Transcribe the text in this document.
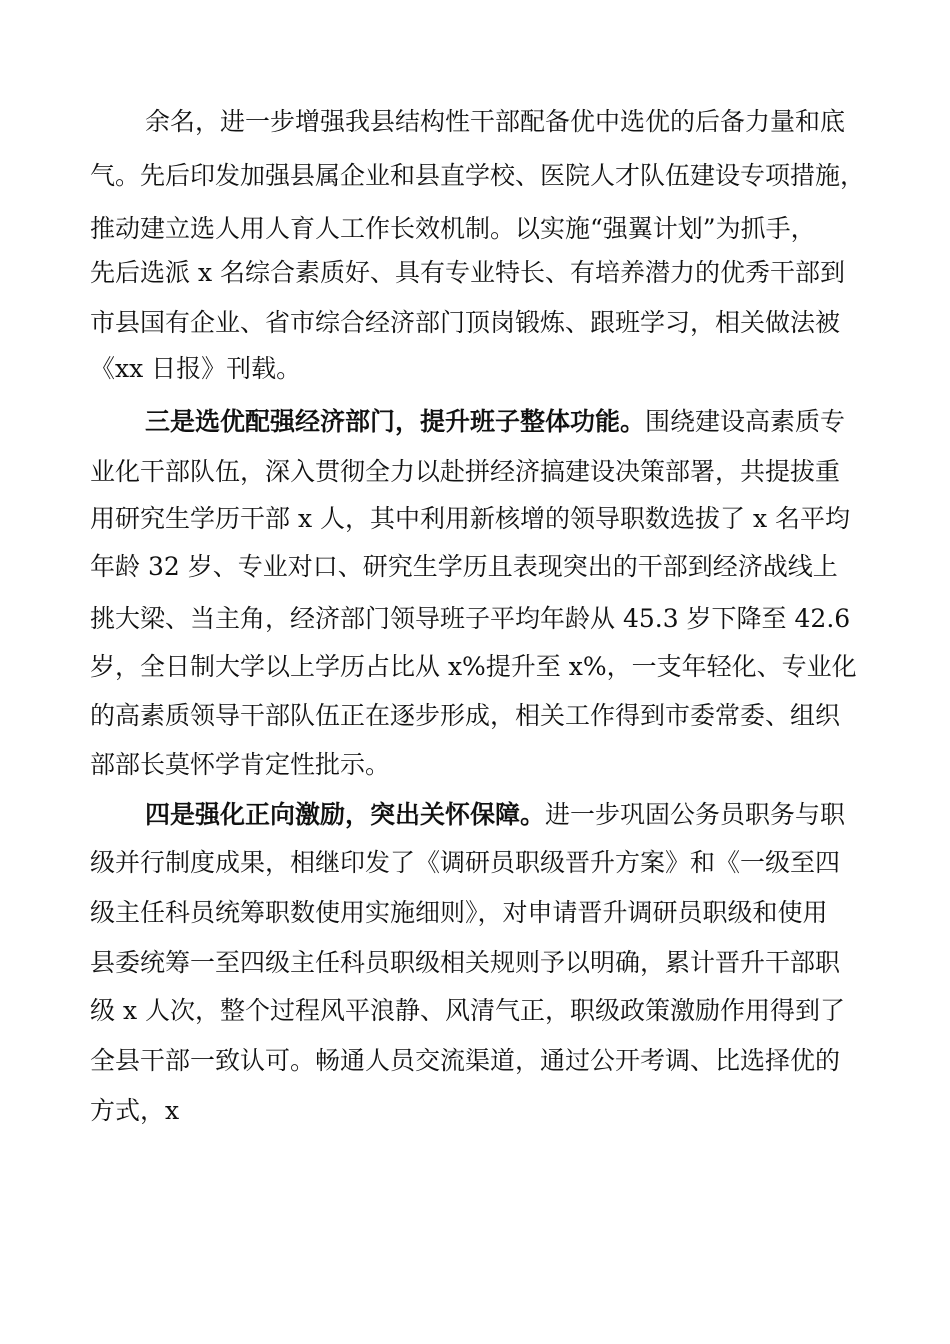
余名，进一步增强我县结构性干部配备优中选优的后备力量和底
气。先后印发加强县属企业和县直学校、医院人才队伍建设专项措施，
推动建立选人用人育人工作长效机制。以实施“强翼计划”为抓手，
先后选派 x 名综合素质好、具有专业特长、有培养潜力的优秀干部到
市县国有企业、省市综合经济部门顶岗锻炼、跟班学习，相关做法被
《xx 日报》刊载。
三是选优配强经济部门，提升班子整体功能。围绕建设高素质专
业化干部队伍，深入贯彻全力以赴拼经济搞建设决策部署，共提拔重
用研究生学历干部 x 人，其中利用新核增的领导职数选拔了 x 名平均
年龄 32 岁、专业对口、研究生学历且表现突出的干部到经济战线上
挑大梁、当主角，经济部门领导班子平均年龄从 45.3 岁下降至 42.6
岁，全日制大学以上学历占比从 x%提升至 x%，一支年轻化、专业化
的高素质领导干部队伍正在逐步形成，相关工作得到市委常委、组织
部部长莫怀学肯定性批示。
四是强化正向激励，突出关怀保障。进一步巩固公务员职务与职
级并行制度成果，相继印发了《调研员职级晋升方案》和《一级至四
级主任科员统筹职数使用实施细则》，对申请晋升调研员职级和使用
县委统筹一至四级主任科员职级相关规则予以明确，累计晋升干部职
级 x 人次，整个过程风平浪静、风清气正，职级政策激励作用得到了
全县干部一致认可。畅通人员交流渠道，通过公开考调、比选择优的
方式，x
